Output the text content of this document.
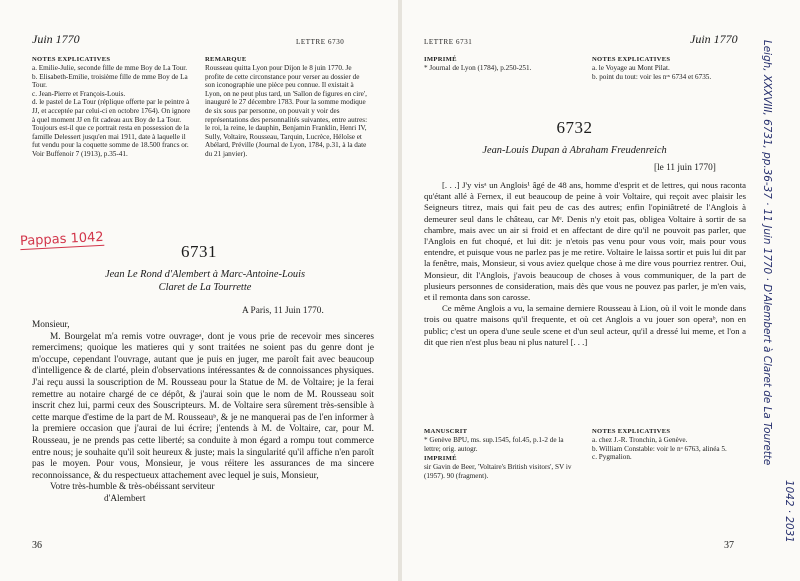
Juin 1770	LETTRE 6730
NOTES EXPLICATIVES

a. Emilie-Julie, seconde fille de mme Boy de La Tour.

b. Elisabeth-Emilie, troisième fille de mme Boy de La Tour.

c. Jean-Pierre et François-Louis.

d. le pastel de La Tour (réplique offerte par le peintre à JJ, et acceptée par celui-ci en octobre 1764). On ignore à quel moment JJ en fit cadeau aux Boy de La Tour. Toujours est-il que ce portrait resta en possession de la famille Delessert jusqu'en mai 1911, date à laquelle il fut vendu pour la coquette somme de 18.500 francs or. Voir Buffenoir 7 (1913), p.35-41.

REMARQUE
Rousseau quitta Lyon pour Dijon le 8 juin 1770. Je profite de cette circonstance pour verser au dossier de son iconographie une pièce peu connue. Il existait à Lyon, on ne peut plus tard, un 'Sallon de figures en cire', inauguré le 27 décembre 1783. Pour la somme modique de six sous par personne, on pouvait y voir des représentations des personnalités suivantes, entre autres: le roi, la reine, le dauphin, Benjamin Franklin, Henri IV, Sully, Voltaire, Rousseau, Tarquin, Lucrèce, Héloïse et Abélard, Préville (Journal de Lyon, 1784, p.31, à la date du 21 janvier).
Pappas 1042
6731
Jean Le Rond d'Alembert à Marc-Antoine-Louis
Claret de La Tourrette
A Paris, 11 Juin 1770.

Monsieur,

M. Bourgelat m'a remis votre ouvrageᵃ, dont je vous prie de recevoir mes sinceres remercimens; quoique les matieres qui y sont traitées ne soient pas du genre dont je m'occupe, cependant l'ouvrage, autant que je puis en juger, me paroît fait avec beaucoup d'intelligence & de clarté, plein d'observations intéressantes & de connoissances physiques. J'ai reçu aussi la souscription de M. Rousseau pour la Statue de M. de Voltaire; je la ferai remettre au notaire chargé de ce dépôt, & j'aurai soin que le nom de M. Rousseau soit inscrit chez lui, parmi ceux des Souscripteurs. M. de Voltaire sera sûrement très-sensible à cette marque d'estime de la part de M. Rousseauᵇ, & je ne manquerai pas de l'en informer à la premiere occasion que j'aurai de lui écrire; j'entends à M. de Voltaire, car, pour M. Rousseau, je ne prends pas cette liberté; sa conduite à mon égard a rompu tout commerce entre nous; je souhaite qu'il soit heureux & juste; mais la singularité qu'il affiche n'en paroît pas le moyen. Pour vous, Monsieur, je vous réitere les assurances de ma sincere reconnoissance, & du respectueux attachement avec lequel je suis, Monsieur,

Votre très-humble & très-obéissant serviteur

d'Alembert

36
LETTRE 6731	Juin 1770
IMPRIMÉ
* Journal de Lyon (1784), p.250-251.
NOTES EXPLICATIVES

a. le Voyage au Mont Pilat.

b. point du tout: voir les nᵒˢ 6734 et 6735.

6732
Jean-Louis Dupan à Abraham Freudenreich
[le 11 juin 1770]

[. . .] J'y visᵃ un Anglois¹ âgé de 48 ans, homme d'esprit et de lettres, qui nous raconta qu'étant allé à Fernex, il eut beaucoup de peine à voir Voltaire, qui reçoit avec plaisir les Seigneurs titrez, mais qui fait peu de cas des autres; enfin l'opiniâtreté de l'Anglois à demeurer seul dans le château, car Mᵉ. Denis n'y etoit pas, obligea Voltaire à sortir de sa chambre, mais avec un air si froid et en affectant de dire qu'il ne pouvoit pas parler, que l'Anglois en fut choqué, et lui dit: je n'etois pas venu pour vous voir, mais pour vous entendre, et puisque vous ne parlez pas je me retire. Voltaire le laissa sortir et puis lui dit par la fenêtre, mais, Monsieur, si vous aviez quelque chose à me dire vous pourriez rentrer. Oui, Monsieur, dit l'Anglois, j'avois beaucoup de choses à vous communiquer, de la part de plusieurs personnes de consideration, mais dès que vous ne pouvez pas parler, je m'en vais, et il remonta dans son carosse.

Ce même Anglois a vu, la semaine derniere Rousseau à Lion, où il voit le monde dans trois ou quatre maisons qu'il frequente, et où cet Anglois a vu jouer son operaᵇ, non en public; c'est un opera d'une seule scene et d'un seul acteur, qu'il a dressé lui meme, et l'on a dit que rien n'est plus beau ni plus naturel [. . .]

MANUSCRIT
* Genève BPU, ms. sup.1545, fol.45, p.1-2 de la lettre; orig. autogr.
IMPRIMÉ
sir Gavin de Beer, 'Voltaire's British visitors', SV iv (1957). 90 (fragment).
NOTES EXPLICATIVES

a. chez J.-R. Tronchin, à Genève.

b. William Constable: voir le nᵒ 6763, alinéa 5.

c. Pygmalion.

37
Leigh, XXXVIII, 6731, pp.36-37 · 11 Juin 1770 · D'Alembert à Claret de La Tourette
1042 · 2031
